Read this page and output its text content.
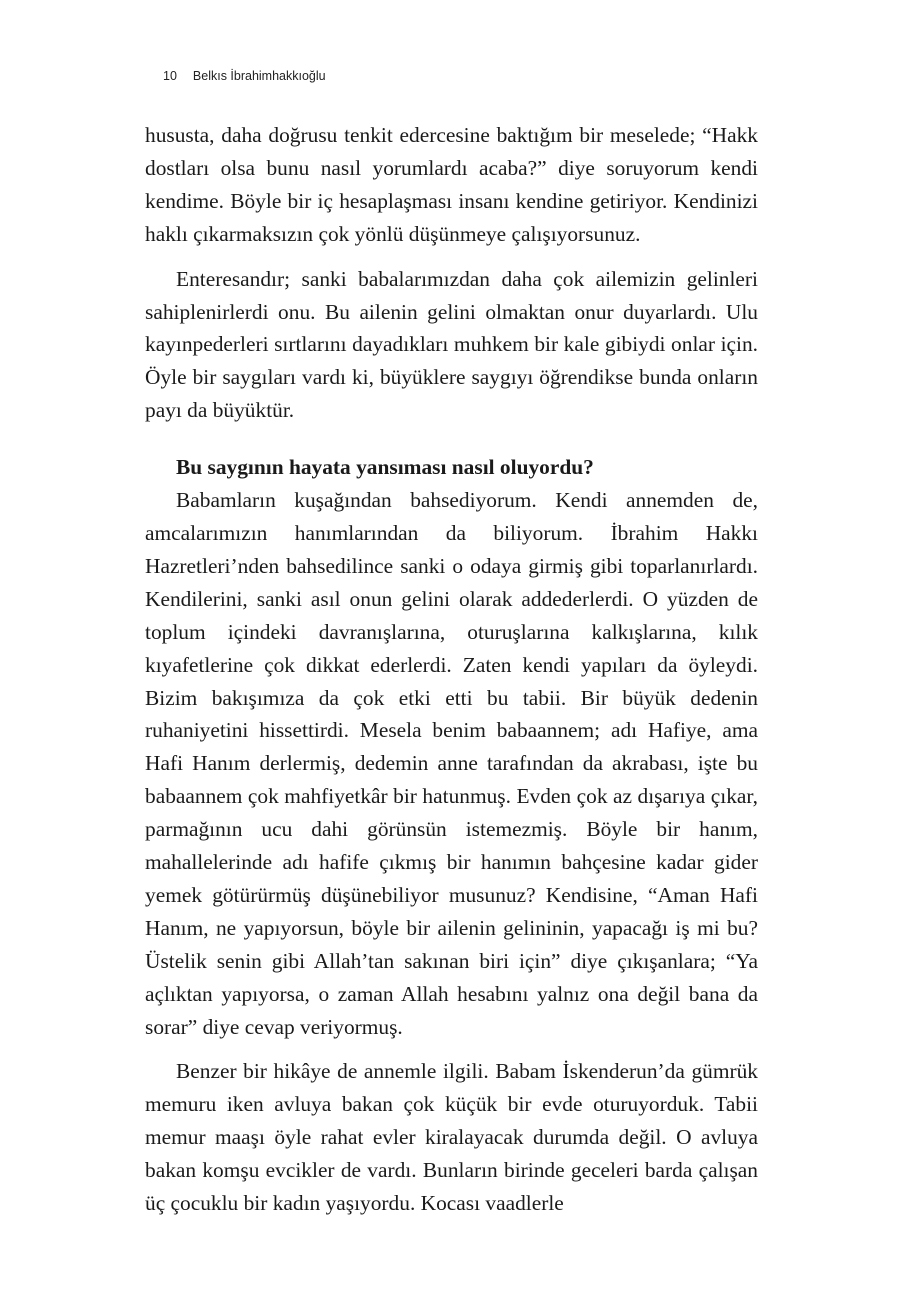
10 Belkıs İbrahimhakkıoğlu

hususta, daha doğrusu tenkit edercesine baktığım bir meselede; “Hakk dostları olsa bunu nasıl yorumlardı acaba?” diye soruyorum kendi kendime. Böyle bir iç hesaplaşması insanı kendine getiriyor. Kendinizi haklı çıkarmaksızın çok yönlü düşünmeye çalışıyorsunuz.

Enteresandır; sanki babalarımızdan daha çok ailemizin gelinleri sahiplenirlerdi onu. Bu ailenin gelini olmaktan onur duyarlardı. Ulu kayınpederleri sırtlarını dayadıkları muhkem bir kale gibiydi onlar için. Öyle bir saygıları vardı ki, büyüklere saygıyı öğrendikse bunda onların payı da büyüktür.

Bu saygının hayata yansıması nasıl oluyordu?

Babamların kuşağından bahsediyorum. Kendi annemden de, amcalarımızın hanımlarından da biliyorum. İbrahim Hakkı Hazretleri’nden bahsedilince sanki o odaya girmiş gibi toparlanırlardı. Kendilerini, sanki asıl onun gelini olarak addederlerdi. O yüzden de toplum içindeki davranışlarına, oturuşlarına kalkışlarına, kılık kıyafetlerine çok dikkat ederlerdi. Zaten kendi yapıları da öyleydi. Bizim bakışımıza da çok etki etti bu tabii. Bir büyük dedenin ruhaniyetini hissettirdi. Mesela benim babaannem; adı Hafiye, ama Hafi Hanım derlermiş, dedemin anne tarafından da akrabası, işte bu babaannem çok mahfiyetkâr bir hatunmuş. Evden çok az dışarıya çıkar, parmağının ucu dahi görünsün istemezmiş. Böyle bir hanım, mahallelerinde adı hafife çıkmış bir hanımın bahçesine kadar gider yemek götürürmüş düşünebiliyor musunuz? Kendisine, “Aman Hafi Hanım, ne yapıyorsun, böyle bir ailenin gelininin, yapacağı iş mi bu? Üstelik senin gibi Allah’tan sakınan biri için” diye çıkışanlara; “Ya açlıktan yapıyorsa, o zaman Allah hesabını yalnız ona değil bana da sorar” diye cevap veriyormuş.

Benzer bir hikâye de annemle ilgili. Babam İskenderun’da gümrük memuru iken avluya bakan çok küçük bir evde oturuyorduk. Tabii memur maaşı öyle rahat evler kiralayacak durumda değil. O avluya bakan komşu evcikler de vardı. Bunların birinde geceleri barda çalışan üç çocuklu bir kadın yaşıyordu. Kocası vaadlerle
